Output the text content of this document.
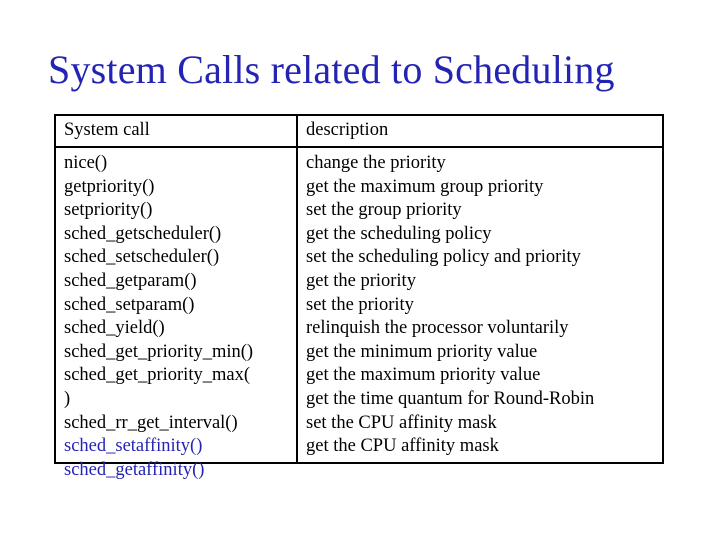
System Calls related to Scheduling
System call	description
nice()
getpriority()
setpriority()
sched_getscheduler()
sched_setscheduler()
sched_getparam()
sched_setparam()
sched_yield()
sched_get_priority_min()
sched_get_priority_max(
)
sched_rr_get_interval()
sched_setaffinity()
sched_getaffinity()
change the priority
get the maximum group priority
set the group priority
get the scheduling policy
set the scheduling policy and priority
get the priority
set the priority
relinquish the processor voluntarily
get the minimum priority value
get the maximum priority value
get the time quantum for Round-Robin
set the CPU affinity mask
get the CPU affinity mask
